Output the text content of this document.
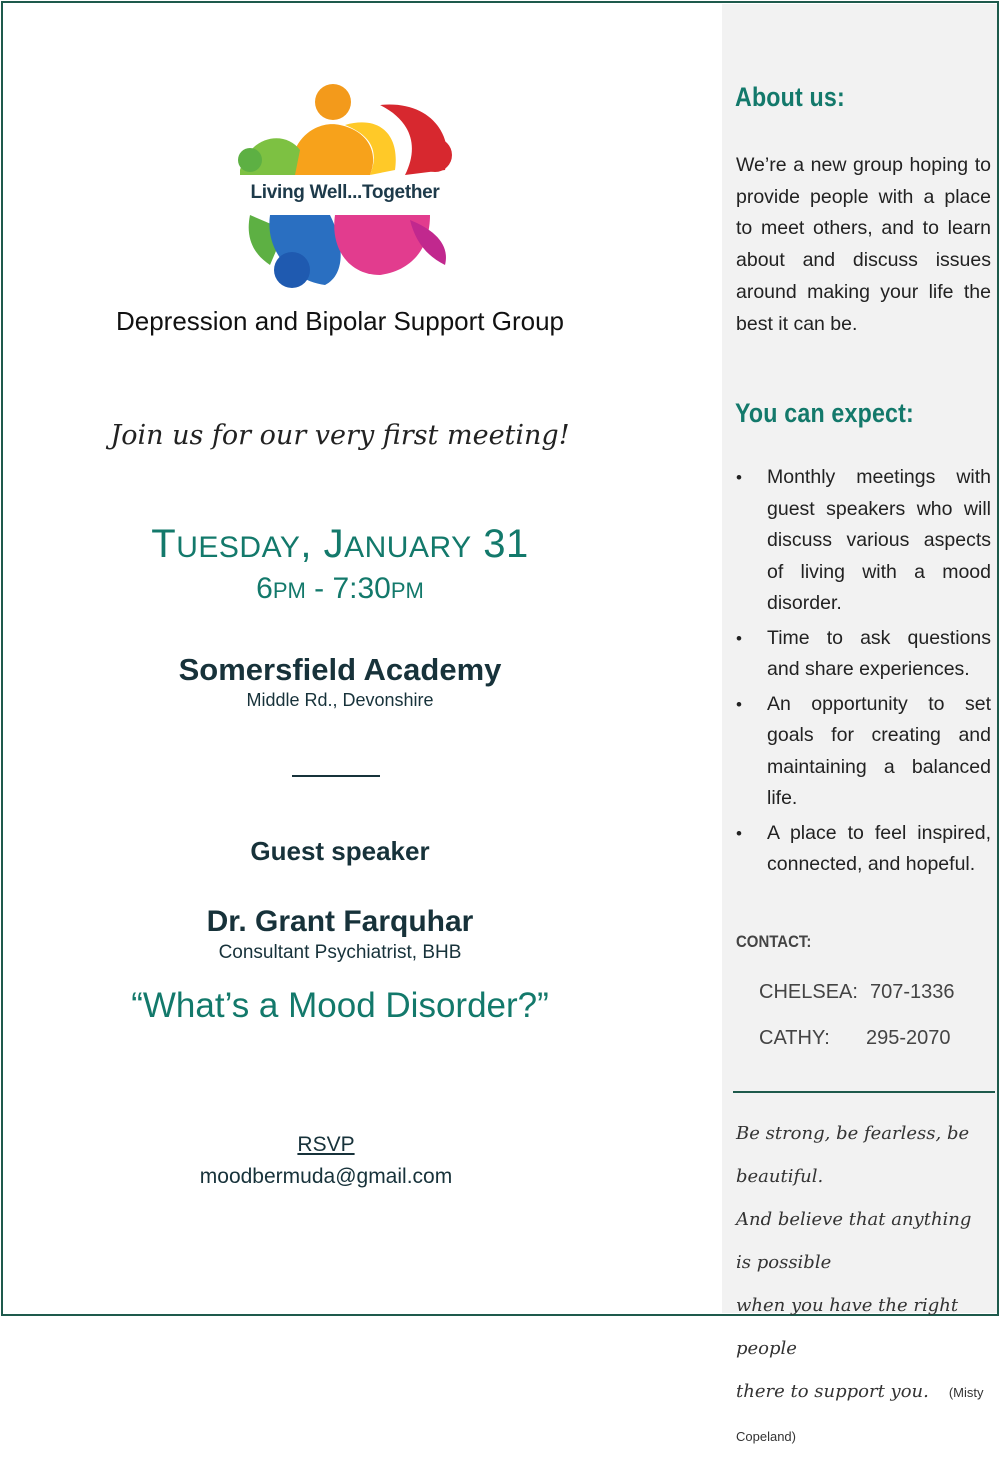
Living Well...Together
Depression and Bipolar Support Group
Join us for our very first meeting!
TUESDAY, JANUARY 31
6PM - 7:30PM
Somersfield Academy
Middle Rd., Devonshire
Guest speaker
Dr. Grant Farquhar
Consultant Psychiatrist, BHB
“What’s a Mood Disorder?”
RSVP
moodbermuda@gmail.com
About us:

We’re a new group hoping to provide people with a place to meet others, and to learn about and discuss issues around making your life the best it can be.

You can expect:
• Monthly meetings with guest speakers who will discuss various aspects of living with a mood disorder.
• Time to ask questions and share experiences.
• An opportunity to set goals for creating and maintaining a balanced life.
• A place to feel inspired, connected, and hopeful.
CONTACT:
CHELSEA: 707-1336
CATHY: 295-2070
Be strong, be fearless, be beautiful.
And believe that anything is possible
when you have the right people
there to support you. (Misty Copeland)
